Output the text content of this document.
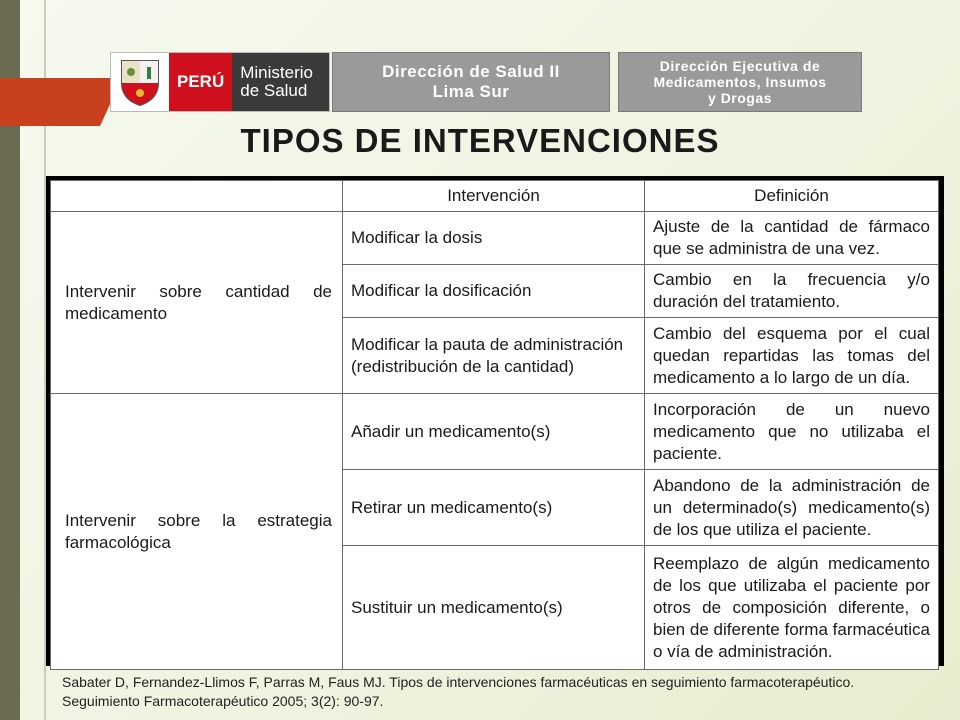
PERÚ Ministerio
de Salud
Dirección de Salud II
Lima Sur
Dirección Ejecutiva de
Medicamentos, Insumos
y Drogas
TIPOS DE INTERVENCIONES
	Intervención	Definición
Intervenir sobre cantidad de medicamento	Modificar la dosis	Ajuste de la cantidad de fármaco que se administra de una vez.
	Modificar la dosificación	Cambio en la frecuencia y/o duración del tratamiento.
	Modificar la pauta de administración (redistribución de la cantidad)	Cambio del esquema por el cual quedan repartidas las tomas del medicamento a lo largo de un día.
Intervenir sobre la estrategia farmacológica	Añadir un medicamento(s)	Incorporación de un nuevo medicamento que no utilizaba el paciente.
	Retirar un medicamento(s)	Abandono de la administración de un determinado(s) medicamento(s) de los que utiliza el paciente.
	Sustituir un medicamento(s)	Reemplazo de algún medicamento de los que utilizaba el paciente por otros de composición diferente, o bien de diferente forma farmacéutica o vía de administración.
Sabater D, Fernandez-Llimos F, Parras M, Faus MJ. Tipos de intervenciones farmacéuticas en seguimiento farmacoterapéutico. Seguimiento Farmacoterapéutico 2005; 3(2): 90-97.
